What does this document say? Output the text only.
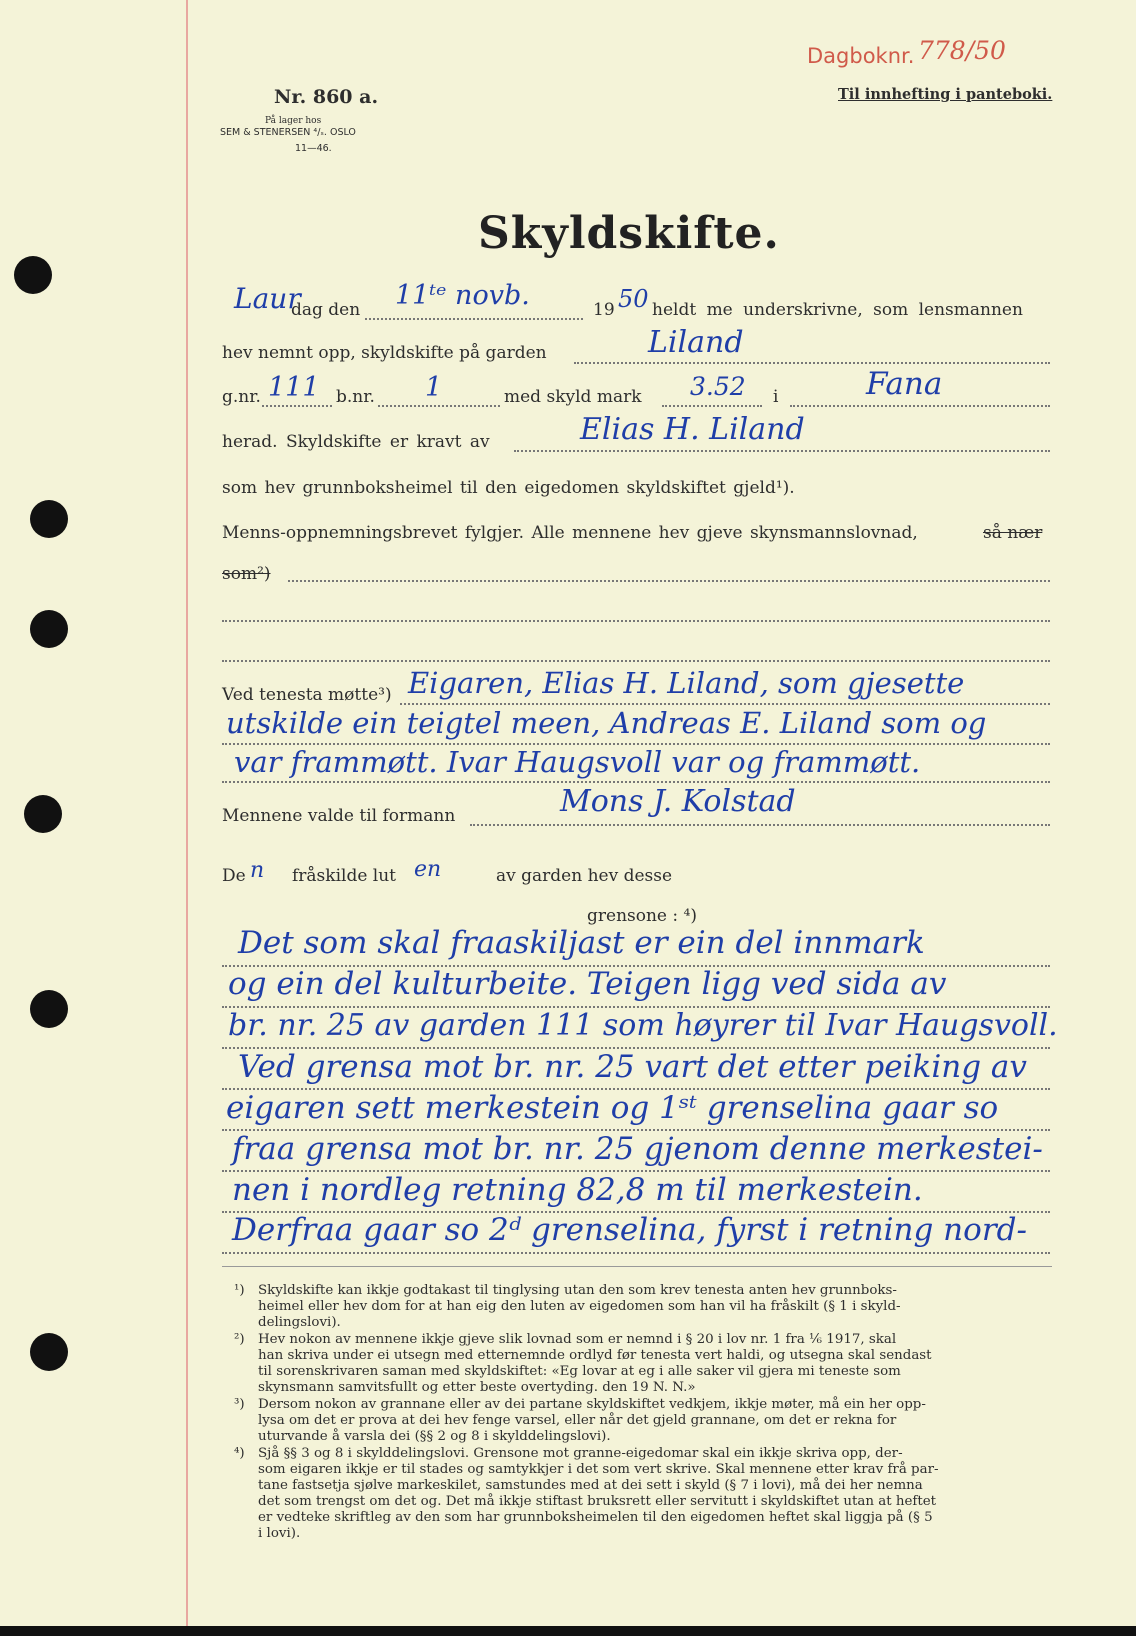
Dagboknr. 778/50
Nr. 860 a.
På lager hos
SEM & STENERSEN ⁴/ₛ. OSLO
11—46.
Til innhefting i panteboki.
Skyldskifte.
Laur
dag den 11ᵗᵉ novb.	19 50 heldt me underskrivne, som lensmannen
hev nemnt opp, skyldskifte på garden	Liland
g.nr. 111 b.nr. 1	med skyld mark 3.52 i	Fana
herad. Skyldskifte er kravt av	Elias H. Liland
som hev grunnboksheimel til den eigedomen skyldskiftet gjeld¹).
Menns-oppnemningsbrevet fylgjer. Alle mennene hev gjeve skynsmannslovnad,	så nær
som²)
Ved tenesta møtte³) Eigaren, Elias H. Liland, som gjesette
utskilde ein teigtel meen, Andreas E. Liland som og
var frammøtt. Ivar Haugsvoll var og frammøtt.
Mennene valde til formann	Mons J. Kolstad
De n fråskilde lut en	av garden hev desse
grensone : ⁴)
Det som skal fraaskiljast er ein del innmark
og ein del kulturbeite. Teigen ligg ved sida av
br. nr. 25 av garden 111 som høyrer til Ivar Haugsvoll.
Ved grensa mot br. nr. 25 vart det etter peiking av
eigaren sett merkestein og 1ˢᵗ grenselina gaar so
fraa grensa mot br. nr. 25 gjenom denne merkestei-
nen i nordleg retning 82,8 m til merkestein.
Derfraa gaar so 2ᵈ grenselina, fyrst i retning nord-
¹) Skyldskifte kan ikkje godtakast til tinglysing utan den som krev tenesta anten hev grunnboks-
heimel eller hev dom for at han eig den luten av eigedomen som han vil ha fråskilt (§ 1 i skyld-
delingslovi).
²) Hev nokon av mennene ikkje gjeve slik lovnad som er nemnd i § 20 i lov nr. 1 fra ⅙ 1917, skal
han skriva under ei utsegn med etternemnde ordlyd før tenesta vert haldi, og utsegna skal sendast
til sorenskrivaren saman med skyldskiftet: «Eg lovar at eg i alle saker vil gjera mi teneste som
skynsmann samvitsfullt og etter beste overtyding. den 19 N. N.»
³) Dersom nokon av grannane eller av dei partane skyldskiftet vedkjem, ikkje møter, må ein her opp-
lysa om det er prova at dei hev fenge varsel, eller når det gjeld grannane, om det er rekna for
uturvande å varsla dei (§§ 2 og 8 i skylddelingslovi).
⁴) Sjå §§ 3 og 8 i skylddelingslovi. Grensone mot granne-eigedomar skal ein ikkje skriva opp, der-
som eigaren ikkje er til stades og samtykkjer i det som vert skrive. Skal mennene etter krav frå par-
tane fastsetja sjølve markeskilet, samstundes med at dei sett i skyld (§ 7 i lovi), må dei her nemna
det som trengst om det og. Det må ikkje stiftast bruksrett eller servitutt i skyldskiftet utan at heftet
er vedteke skriftleg av den som har grunnboksheimelen til den eigedomen heftet skal liggja på (§ 5
i lovi).
